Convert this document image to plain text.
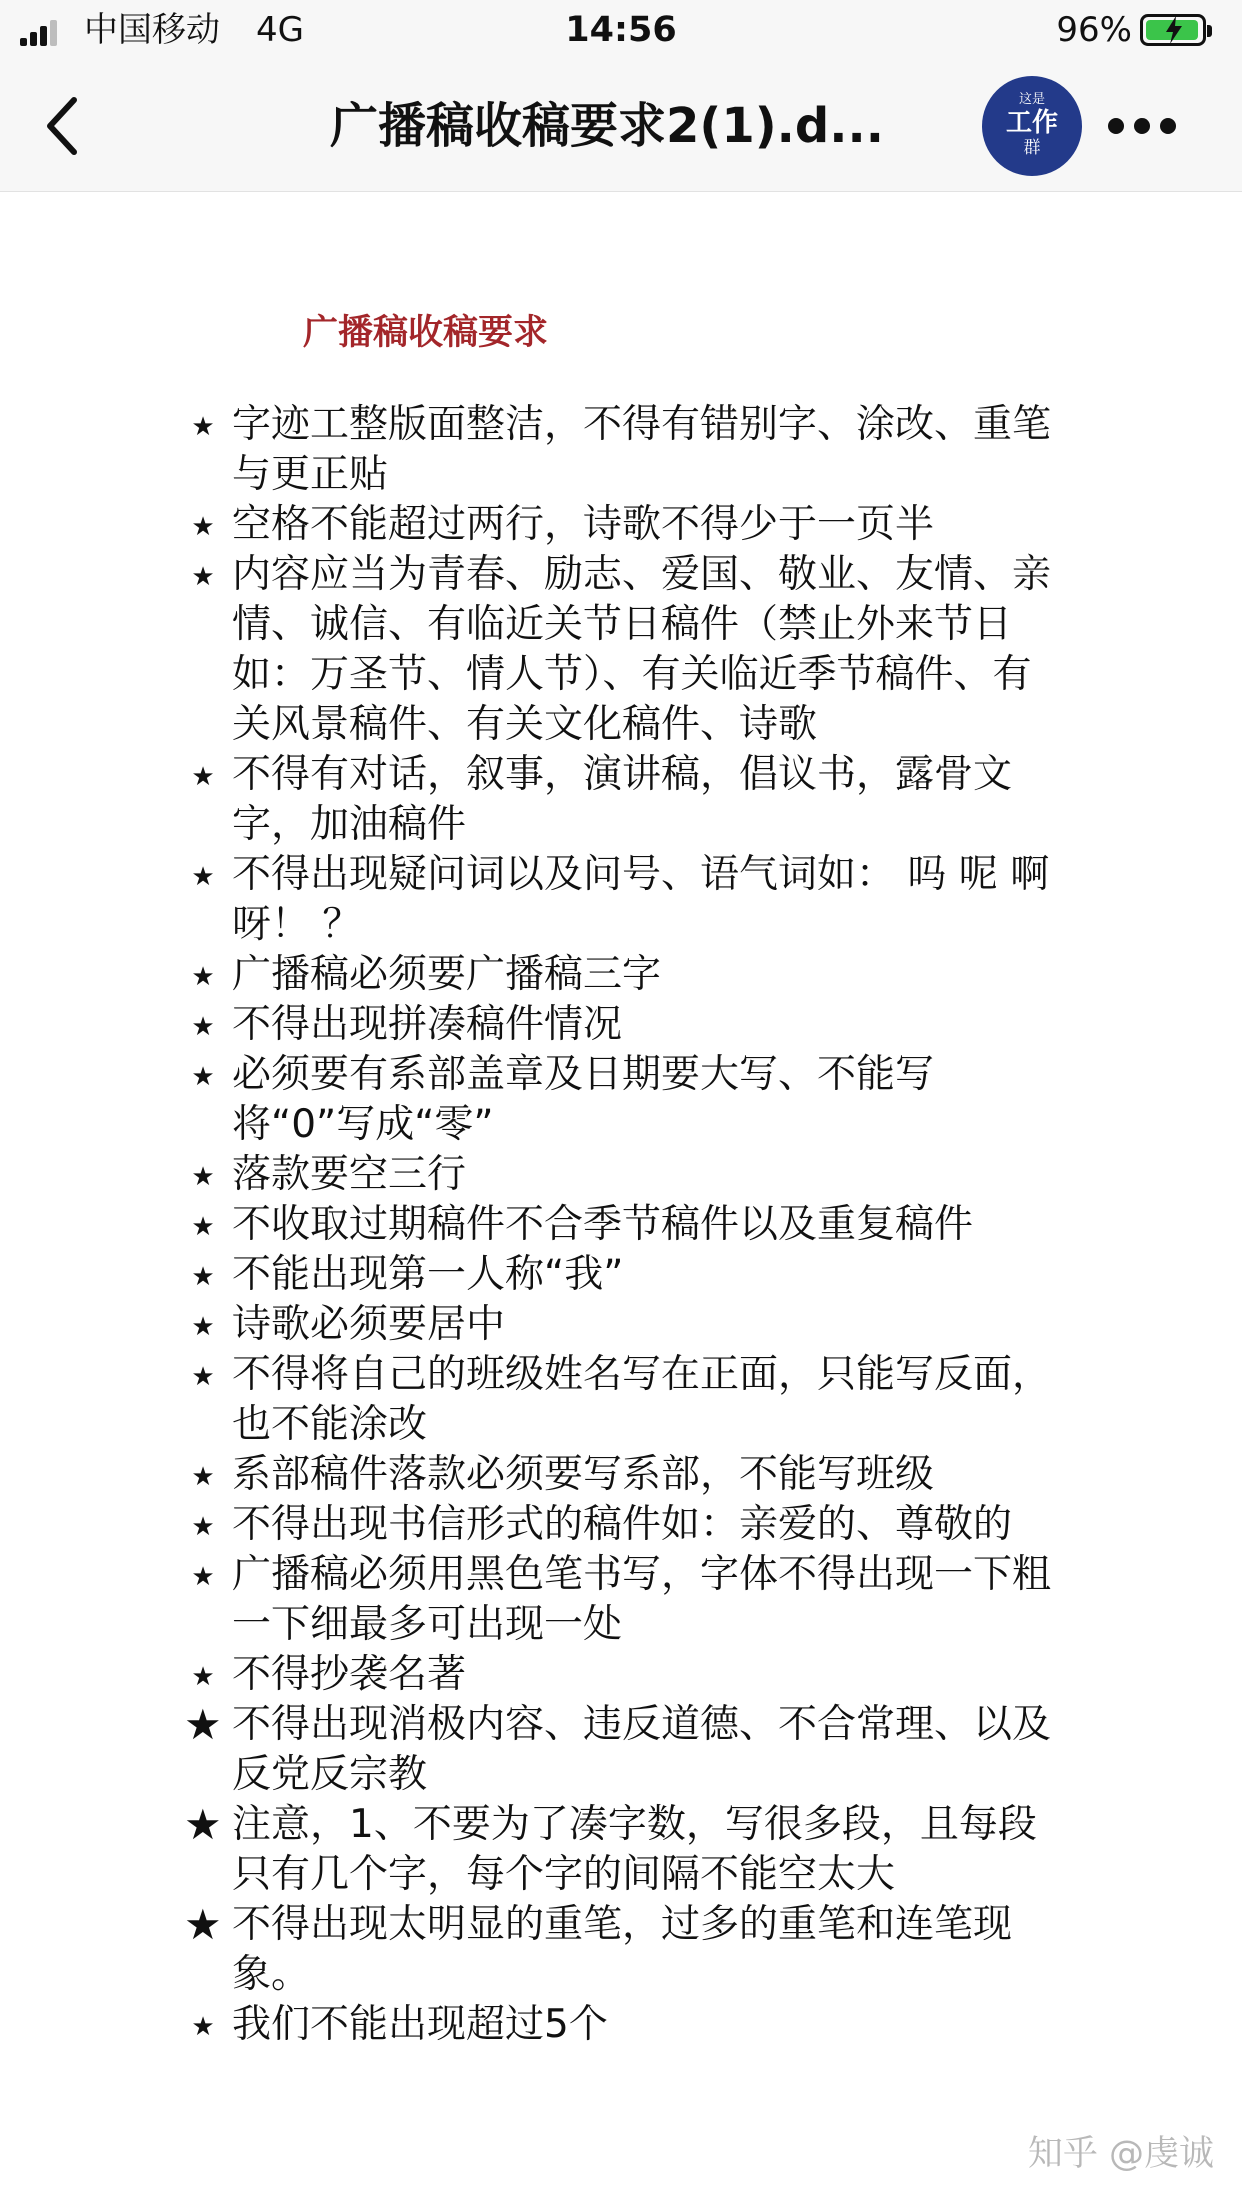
中国移动 4G	14:56	96%
广播稿收稿要求2(1).d...	这是
工作
群
广播稿收稿要求
★ 字迹工整版面整洁，不得有错别字、涂改、重笔与更正贴
★ 空格不能超过两行，诗歌不得少于一页半
★ 内容应当为青春、励志、爱国、敬业、友情、亲情、诚信、有临近关节日稿件（禁止外来节日如：万圣节、情人节）、有关临近季节稿件、有关风景稿件、有关文化稿件、诗歌
★ 不得有对话，叙事，演讲稿，倡议书，露骨文字，加油稿件
★ 不得出现疑问词以及问号、语气词如： 吗 呢 啊 呀！ ？
★ 广播稿必须要广播稿三字
★ 不得出现拼凑稿件情况
★ 必须要有系部盖章及日期要大写、不能写将“0”写成“零”
★ 落款要空三行
★ 不收取过期稿件不合季节稿件以及重复稿件
★ 不能出现第一人称“我”
★ 诗歌必须要居中
★ 不得将自己的班级姓名写在正面，只能写反面，也不能涂改
★ 系部稿件落款必须要写系部，不能写班级
★ 不得出现书信形式的稿件如：亲爱的、尊敬的
★ 广播稿必须用黑色笔书写，字体不得出现一下粗一下细最多可出现一处
★ 不得抄袭名著
★ 不得出现消极内容、违反道德、不合常理、以及反党反宗教
★ 注意，1、不要为了凑字数，写很多段，且每段只有几个字，每个字的间隔不能空太大
★ 不得出现太明显的重笔，过多的重笔和连笔现象。
★ 我们不能出现超过5个
知乎 @虔诚
